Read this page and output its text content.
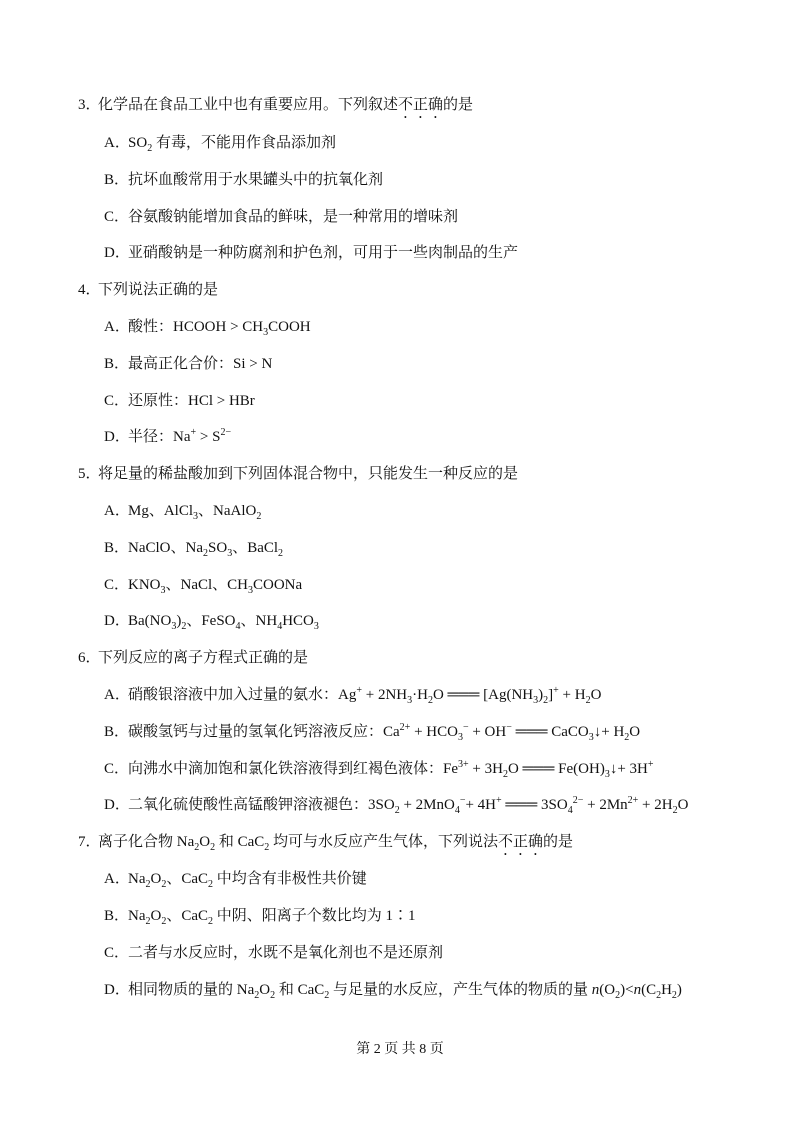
3．化学品在食品工业中也有重要应用。下列叙述不正确的是
A．$SO_2$ 有毒，不能用作食品添加剂
B．抗坏血酸常用于水果罐头中的抗氧化剂
C．谷氨酸钠能增加食品的鲜味，是一种常用的增味剂
D．亚硝酸钠是一种防腐剂和护色剂，可用于一些肉制品的生产
4．下列说法正确的是
A．酸性：HCOOH > $CH_3COOH$
B．最高正化合价：Si > N
C．还原性：HCl > HBr
D．半径：$Na^+ > S^{2-}$
5．将足量的稀盐酸加到下列固体混合物中，只能发生一种反应的是
A．Mg、AlCl$_3$、NaAlO$_2$
B．NaClO、$Na_2SO_3$、BaCl$_2$
C．$KNO_3$、NaCl、$CH_3COONa$
D．$Ba(NO_3)_2$、FeSO$_4$、$NH_4HCO_3$
6．下列反应的离子方程式正确的是
A．硝酸银溶液中加入过量的氨水：$Ag^+ + 2NH_3\cdot H_2O$ ═══ $[Ag(NH_3)_2]^+ + H_2O$
B．碳酸氢钙与过量的氢氧化钙溶液反应：$Ca^{2+} + HCO_3^- + OH^-$ ═══ CaCO$_3$↓+ $H_2O$
C．向沸水中滴加饱和氯化铁溶液得到红褐色液体：$Fe^{3+} + 3H_2O$ ═══ $Fe(OH)_3↓+ 3H^+$
D．二氧化硫使酸性高锰酸钾溶液褪色：$3SO_2 + 2MnO_4^-+ 4H^+$ ═══ $3SO_4^{2-} + 2Mn^{2+} + 2H_2O$
7．离子化合物 $Na_2O_2$ 和 CaC$_2$ 均可与水反应产生气体，下列说法不正确的是
A．$Na_2O_2$、CaC$_2$ 中均含有非极性共价键
B．$Na_2O_2$、CaC$_2$ 中阴、阳离子个数比均为 1∶1
C．二者与水反应时，水既不是氧化剂也不是还原剂
D．相同物质的量的 $Na_2O_2$ 和 CaC$_2$ 与足量的水反应，产生气体的物质的量 $n(O_2)<n(C_2H_2)$
第 2 页 共 8 页
